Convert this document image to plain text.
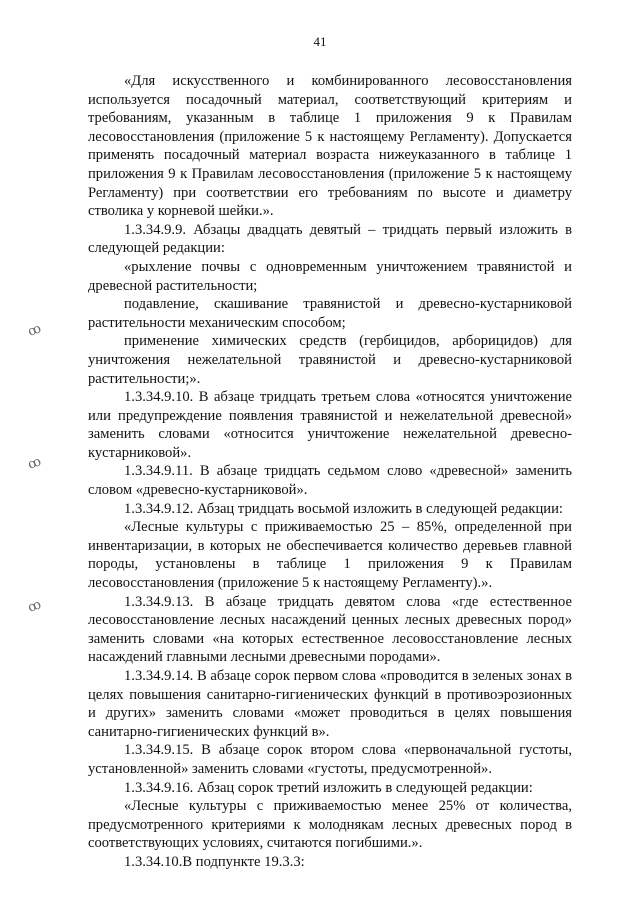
41
ꝏ
ꝏ
ꝏ

«Для искусственного и комбинированного лесовосстановления используется посадочный материал, соответствующий критериям и требованиям, указанным в таблице 1 приложения 9 к Правилам лесовосстановления (приложение 5 к настоящему Регламенту). Допускается применять посадочный материал возраста нижеуказанного в таблице 1 приложения 9 к Правилам лесовосстановления (приложение 5 к настоящему Регламенту) при соответствии его требованиям по высоте и диаметру стволика у корневой шейки.».

1.3.34.9.9. Абзацы двадцать девятый – тридцать первый изложить в следующей редакции:

«рыхление почвы с одновременным уничтожением травянистой и древесной растительности;

подавление, скашивание травянистой и древесно-кустарниковой растительности механическим способом;

применение химических средств (гербицидов, арборицидов) для уничтожения нежелательной травянистой и древесно-кустарниковой растительности;».

1.3.34.9.10. В абзаце тридцать третьем слова «относятся уничтожение или предупреждение появления травянистой и нежелательной древесной» заменить словами «относится уничтожение нежелательной древесно-кустарниковой».

1.3.34.9.11. В абзаце тридцать седьмом слово «древесной» заменить словом «древесно-кустарниковой».

1.3.34.9.12. Абзац тридцать восьмой изложить в следующей редакции:

«Лесные культуры с приживаемостью 25 – 85%, определенной при инвентаризации, в которых не обеспечивается количество деревьев главной породы, установлены в таблице 1 приложения 9 к Правилам лесовосстановления (приложение 5 к настоящему Регламенту).».

1.3.34.9.13. В абзаце тридцать девятом слова «где естественное лесовосстановление лесных насаждений ценных лесных древесных пород» заменить словами «на которых естественное лесовосстановление лесных насаждений главными лесными древесными породами».

1.3.34.9.14. В абзаце сорок первом слова «проводится в зеленых зонах в целях повышения санитарно-гигиенических функций в противоэрозионных и других» заменить словами «может проводиться в целях повышения санитарно-гигиенических функций в».

1.3.34.9.15. В абзаце сорок втором слова «первоначальной густоты, установленной» заменить словами «густоты, предусмотренной».

1.3.34.9.16. Абзац сорок третий изложить в следующей редакции:

«Лесные культуры с приживаемостью менее 25% от количества, предусмотренного критериями к молоднякам лесных древесных пород в соответствующих условиях, считаются погибшими.».

1.3.34.10.В подпункте 19.3.3:
